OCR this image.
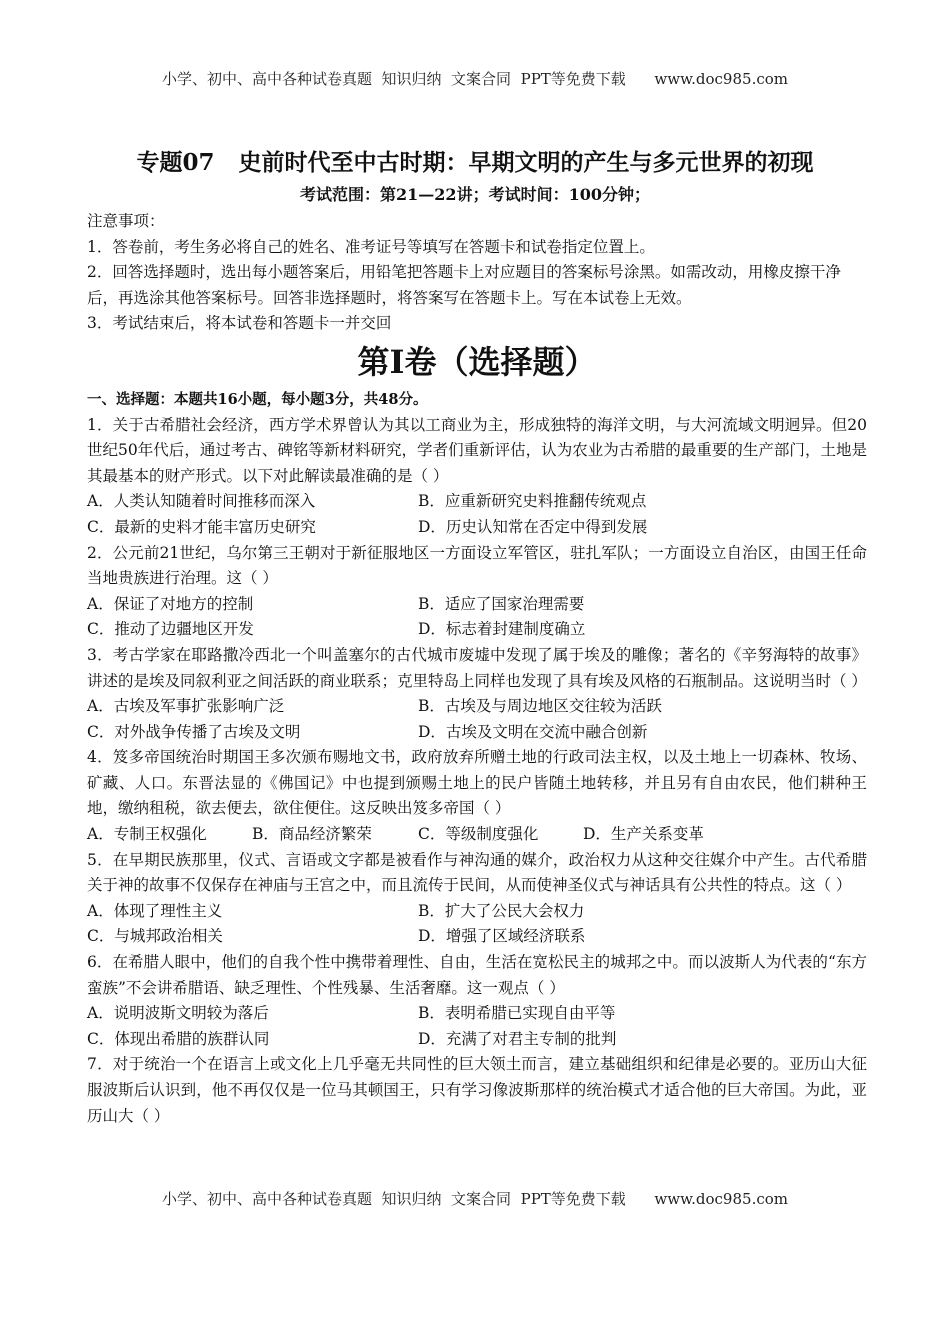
小学、初中、高中各种试卷真题  知识归纳  文案合同  PPT等免费下载      www.doc985.com
专题07   史前时代至中古时期：早期文明的产生与多元世界的初现
考试范围：第21—22讲；考试时间：100分钟；

注意事项：

1．答卷前，考生务必将自己的姓名、准考证号等填写在答题卡和试卷指定位置上。

2．回答选择题时，选出每小题答案后，用铅笔把答题卡上对应题目的答案标号涂黑。如需改动，用橡皮擦干净后，再选涂其他答案标号。回答非选择题时，将答案写在答题卡上。写在本试卷上无效。

3．考试结束后，将本试卷和答题卡一并交回

第I卷（选择题）

一、选择题：本题共16小题，每小题3分，共48分。

1．关于古希腊社会经济，西方学术界曾认为其以工商业为主，形成独特的海洋文明，与大河流域文明迥异。但20世纪50年代后，通过考古、碑铭等新材料研究，学者们重新评估，认为农业为古希腊的最重要的生产部门，土地是其最基本的财产形式。以下对此解读最准确的是（ ）

A．人类认知随着时间推移而深入	B．应重新研究史料推翻传统观点
C．最新的史料才能丰富历史研究	D．历史认知常在否定中得到发展

2．公元前21世纪，乌尔第三王朝对于新征服地区一方面设立军管区，驻扎军队；一方面设立自治区，由国王任命当地贵族进行治理。这（ ）

A．保证了对地方的控制	B．适应了国家治理需要
C．推动了边疆地区开发	D．标志着封建制度确立

3．考古学家在耶路撒冷西北一个叫盖塞尔的古代城市废墟中发现了属于埃及的雕像；著名的《辛努海特的故事》讲述的是埃及同叙利亚之间活跃的商业联系；克里特岛上同样也发现了具有埃及风格的石瓶制品。这说明当时（ ）

A．古埃及军事扩张影响广泛	B．古埃及与周边地区交往较为活跃
C．对外战争传播了古埃及文明	D．古埃及文明在交流中融合创新

4．笈多帝国统治时期国王多次颁布赐地文书，政府放弃所赠土地的行政司法主权，以及土地上一切森林、牧场、矿藏、人口。东晋法显的《佛国记》中也提到颁赐土地上的民户皆随土地转移，并且另有自由农民，他们耕种王地，缴纳租税，欲去便去，欲住便住。这反映出笈多帝国（ ）

A．专制王权强化	B．商品经济繁荣	C．等级制度强化	D．生产关系变革

5．在早期民族那里，仪式、言语或文字都是被看作与神沟通的媒介，政治权力从这种交往媒介中产生。古代希腊关于神的故事不仅保存在神庙与王宫之中，而且流传于民间，从而使神圣仪式与神话具有公共性的特点。这（ ）

A．体现了理性主义	B．扩大了公民大会权力
C．与城邦政治相关	D．增强了区域经济联系

6．在希腊人眼中，他们的自我个性中携带着理性、自由，生活在宽松民主的城邦之中。而以波斯人为代表的“东方蛮族”不会讲希腊语、缺乏理性、个性残暴、生活奢靡。这一观点（ ）

A．说明波斯文明较为落后	B．表明希腊已实现自由平等
C．体现出希腊的族群认同	D．充满了对君主专制的批判

7．对于统治一个在语言上或文化上几乎毫无共同性的巨大领土而言，建立基础组织和纪律是必要的。亚历山大征服波斯后认识到，他不再仅仅是一位马其顿国王，只有学习像波斯那样的统治模式才适合他的巨大帝国。为此，亚历山大（ ）

小学、初中、高中各种试卷真题  知识归纳  文案合同  PPT等免费下载      www.doc985.com
